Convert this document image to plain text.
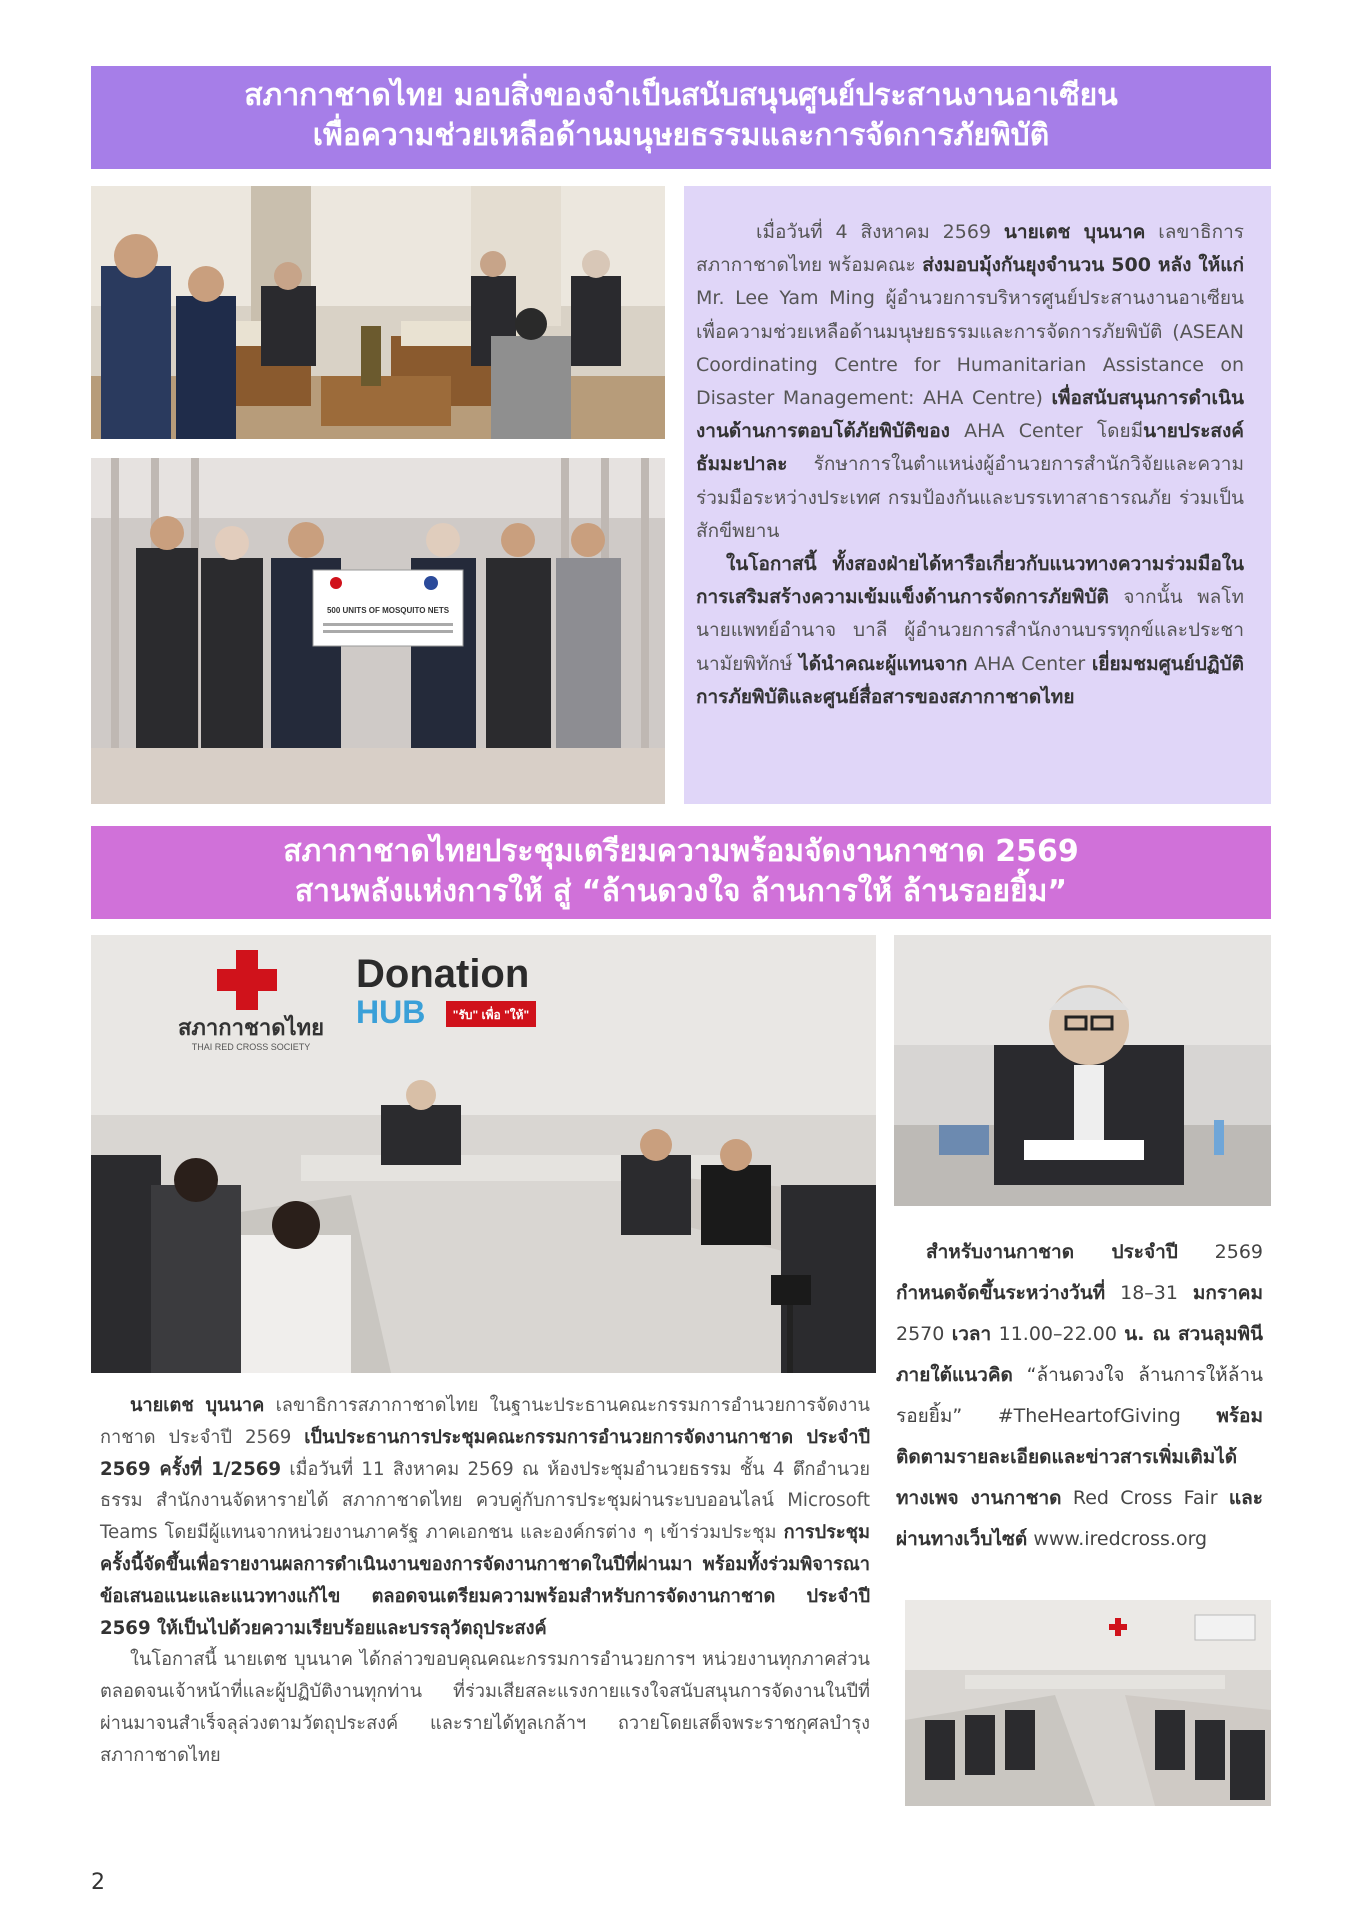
สภากาชาดไทย มอบสิ่งของจำเป็นสนับสนุนศูนย์ประสานงานอาเซียน
เพื่อความช่วยเหลือด้านมนุษยธรรมและการจัดการภัยพิบัติ
500 UNITS OF MOSQUITO NETS

เมื่อวันที่ 4 สิงหาคม 2569 นายเตช บุนนาค เลขาธิการสภากาชาดไทย พร้อมคณะ ส่งมอบมุ้งกันยุงจำนวน 500 หลัง ให้แก่ Mr. Lee Yam Ming ผู้อำนวยการบริหารศูนย์ประสานงานอาเซียนเพื่อความช่วยเหลือด้านมนุษยธรรมและการจัดการภัยพิบัติ (ASEAN Coordinating Centre for Humanitarian Assistance on Disaster Management: AHA Centre) เพื่อสนับสนุนการดำเนินงานด้านการตอบโต้ภัยพิบัติของ AHA Center โดยมีนายประสงค์ ธัมมะปาละ รักษาการในตำแหน่งผู้อำนวยการสำนักวิจัยและความร่วมมือระหว่างประเทศ กรมป้องกันและบรรเทาสาธารณภัย ร่วมเป็นสักขีพยาน

ในโอกาสนี้ ทั้งสองฝ่ายได้หารือเกี่ยวกับแนวทางความร่วมมือในการเสริมสร้างความเข้มแข็งด้านการจัดการภัยพิบัติ จากนั้น พลโท นายแพทย์อำนาจ บาลี ผู้อำนวยการสำนักงานบรรทุกข์และประชานามัยพิทักษ์ ได้นำคณะผู้แทนจาก AHA Center เยี่ยมชมศูนย์ปฏิบัติการภัยพิบัติและศูนย์สื่อสารของสภากาชาดไทย

สภากาชาดไทยประชุมเตรียมความพร้อมจัดงานกาชาด 2569
สานพลังแห่งการให้ สู่ “ล้านดวงใจ ล้านการให้ ล้านรอยยิ้ม”
สภากาชาดไทย
THAI RED CROSS SOCIETY
Donation
HUB "รับ" เพื่อ "ให้"

สำหรับงานกาชาด ประจำปี 2569 กำหนดจัดขึ้นระหว่างวันที่ 18–31 มกราคม 2570 เวลา 11.00–22.00 น. ณ สวนลุมพินีภายใต้แนวคิด “ล้านดวงใจ ล้านการให้ล้านรอยยิ้ม” #TheHeartofGiving พร้อมติดตามรายละเอียดและข่าวสารเพิ่มเติมได้ทางเพจ งานกาชาด Red Cross Fair และผ่านทางเว็บไซต์ www.iredcross.org

นายเตช บุนนาค เลขาธิการสภากาชาดไทย ในฐานะประธานคณะกรรมการอำนวยการจัดงานกาชาด ประจำปี 2569 เป็นประธานการประชุมคณะกรรมการอำนวยการจัดงานกาชาด ประจำปี 2569 ครั้งที่ 1/2569 เมื่อวันที่ 11 สิงหาคม 2569 ณ ห้องประชุมอำนวยธรรม ชั้น 4 ตึกอำนวยธรรม สำนักงานจัดหารายได้ สภากาชาดไทย ควบคู่กับการประชุมผ่านระบบออนไลน์ Microsoft Teams โดยมีผู้แทนจากหน่วยงานภาครัฐ ภาคเอกชน และองค์กรต่าง ๆ เข้าร่วมประชุม การประชุมครั้งนี้จัดขึ้นเพื่อรายงานผลการดำเนินงานของการจัดงานกาชาดในปีที่ผ่านมา พร้อมทั้งร่วมพิจารณาข้อเสนอแนะและแนวทางแก้ไข ตลอดจนเตรียมความพร้อมสำหรับการจัดงานกาชาด ประจำปี 2569 ให้เป็นไปด้วยความเรียบร้อยและบรรลุวัตถุประสงค์

ในโอกาสนี้ นายเตช บุนนาค ได้กล่าวขอบคุณคณะกรรมการอำนวยการฯ หน่วยงานทุกภาคส่วน ตลอดจนเจ้าหน้าที่และผู้ปฏิบัติงานทุกท่าน ที่ร่วมเสียสละแรงกายแรงใจสนับสนุนการจัดงานในปีที่ผ่านมาจนสำเร็จลุล่วงตามวัตถุประสงค์ และรายได้ทูลเกล้าฯ ถวายโดยเสด็จพระราชกุศลบำรุงสภากาชาดไทย

2
